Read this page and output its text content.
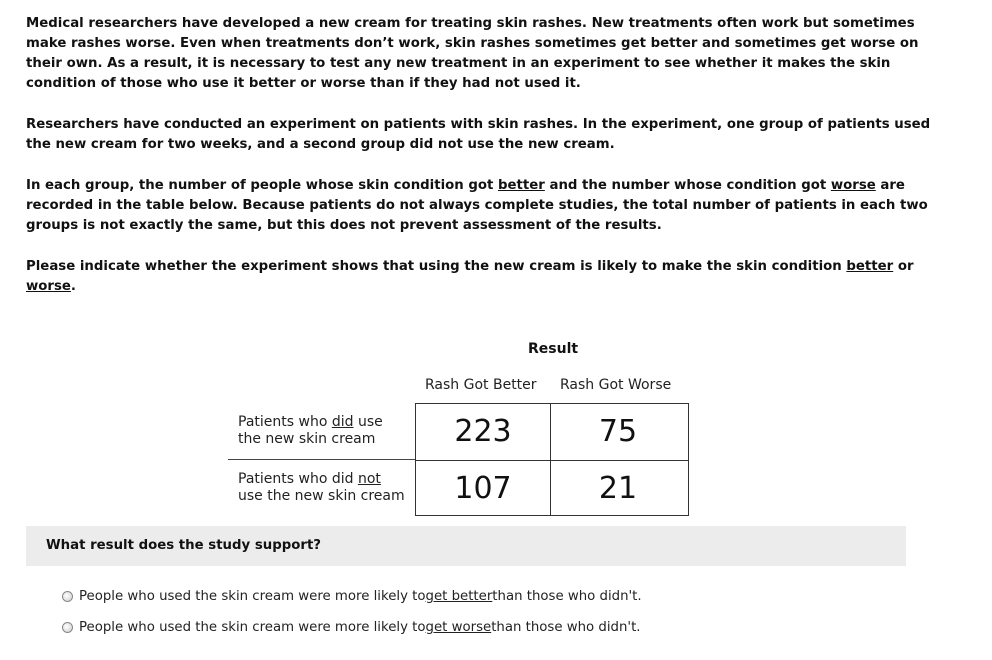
Medical researchers have developed a new cream for treating skin rashes. New treatments often work but sometimes make rashes worse. Even when treatments don’t work, skin rashes sometimes get better and sometimes get worse on their own. As a result, it is necessary to test any new treatment in an experiment to see whether it makes the skin condition of those who use it better or worse than if they had not used it.

Researchers have conducted an experiment on patients with skin rashes. In the experiment, one group of patients used the new cream for two weeks, and a second group did not use the new cream.

In each group, the number of people whose skin condition got better and the number whose condition got worse are recorded in the table below. Because patients do not always complete studies, the total number of patients in each two groups is not exactly the same, but this does not prevent assessment of the results.

Please indicate whether the experiment shows that using the new cream is likely to make the skin condition better or worse.

Result
Rash Got Better Rash Got Worse
Patients who did use
the new skin cream
Patients who did not
use the new skin cream
223	75
107	21
What result does the study support?
People who used the skin cream were more likely to get better than those who didn't.
People who used the skin cream were more likely to get worse than those who didn't.
